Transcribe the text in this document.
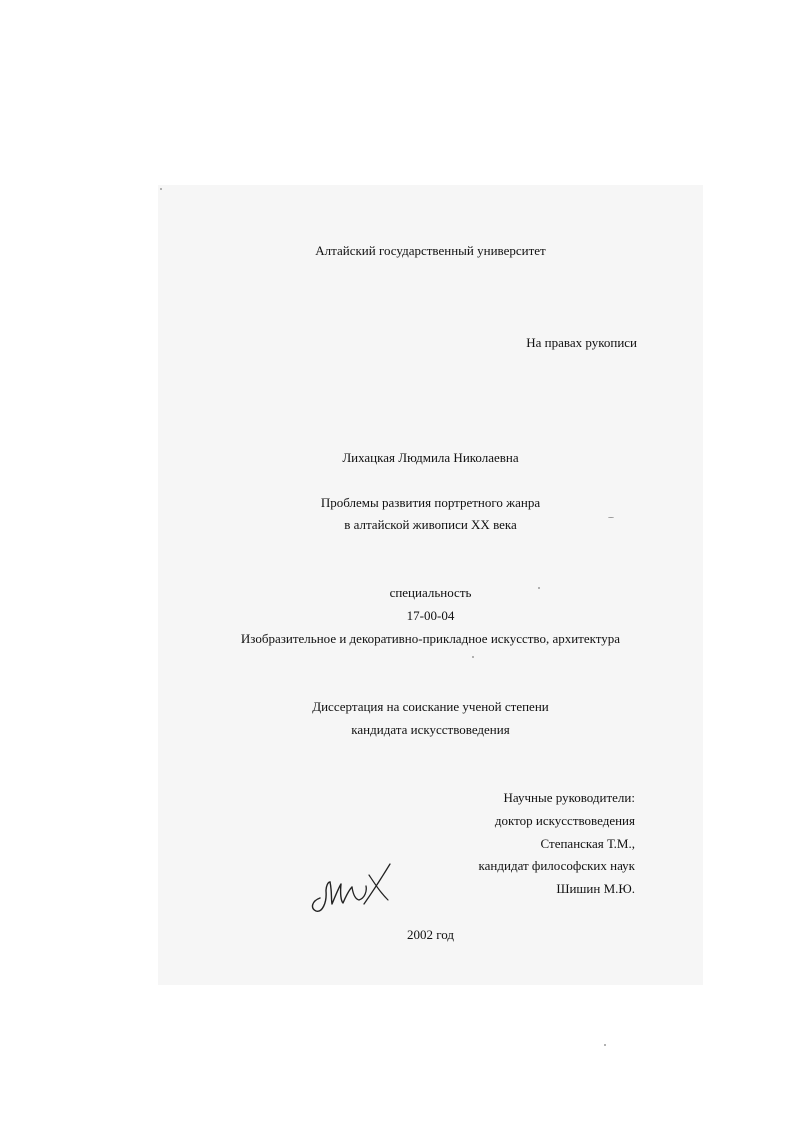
Алтайский государственный университет
На правах рукописи
Лихацкая Людмила Николаевна
Проблемы развития портретного жанра
в алтайской живописи XX века
специальность
17-00-04
Изобразительное и декоративно-прикладное искусство, архитектура
Диссертация на соискание ученой степени
кандидата искусствоведения
Научные руководители:
доктор искусствоведения
Степанская Т.М.,
кандидат философских наук
Шишин М.Ю.
2002 год
